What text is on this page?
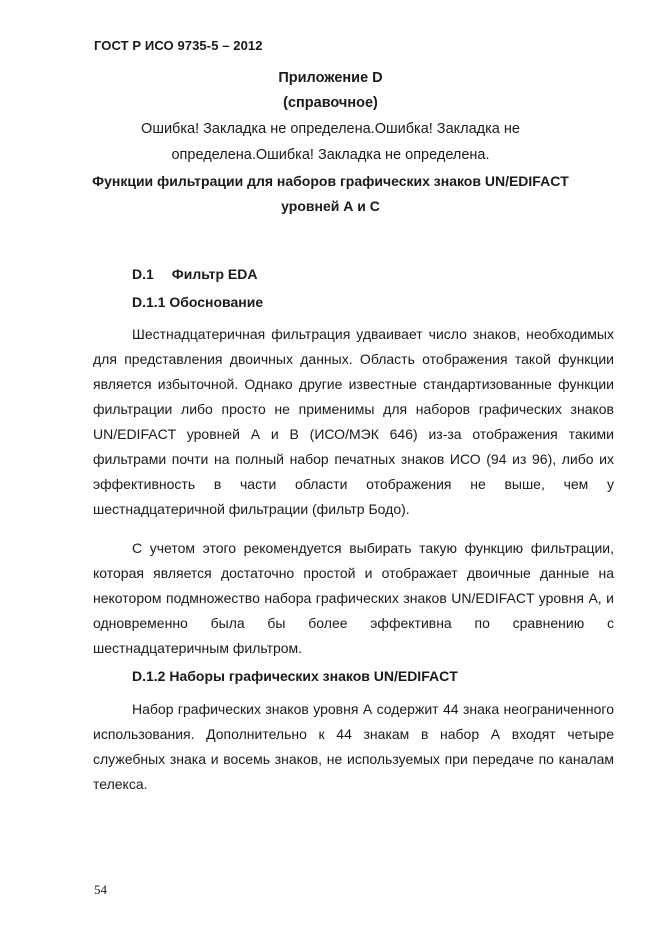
ГОСТ Р ИСО 9735-5 – 2012
Приложение D
(справочное)
Ошибка! Закладка не определена.Ошибка! Закладка не
определена.Ошибка! Закладка не определена.
Функции фильтрации для наборов графических знаков UN/EDIFACT
уровней А и С
D.1 Фильтр EDA
D.1.1 Обоснование

Шестнадцатеричная фильтрация удваивает число знаков, необходимых для представления двоичных данных. Область отображения такой функции является избыточной. Однако другие известные стандартизованные функции фильтрации либо просто не применимы для наборов графических знаков UN/EDIFACT уровней А и В (ИСО/МЭК 646) из-за отображения такими фильтрами почти на полный набор печатных знаков ИСО (94 из 96), либо их эффективность в части области отображения не выше, чем у шестнадцатеричной фильтрации (фильтр Бодо).

С учетом этого рекомендуется выбирать такую функцию фильтрации, которая является достаточно простой и отображает двоичные данные на некотором подмножество набора графических знаков UN/EDIFACT уровня А, и одновременно была бы более эффективна по сравнению с шестнадцатеричным фильтром.

D.1.2 Наборы графических знаков UN/EDIFACT

Набор графических знаков уровня А содержит 44 знака неограниченного использования. Дополнительно к 44 знакам в набор А входят четыре служебных знака и восемь знаков, не используемых при передаче по каналам телекса.

54
